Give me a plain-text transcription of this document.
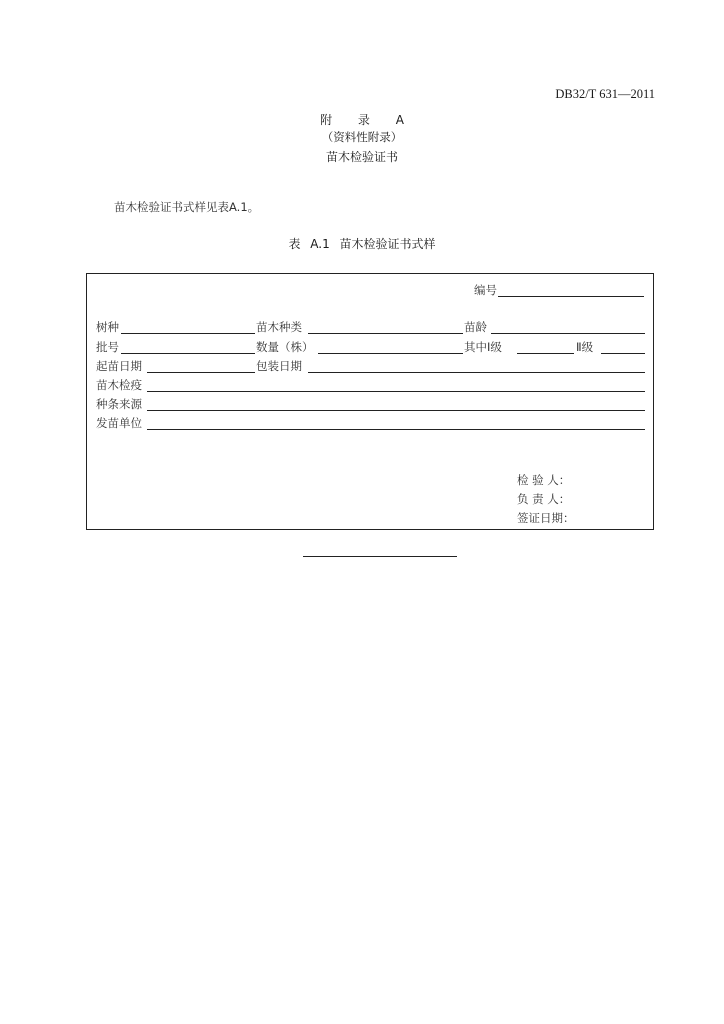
DB32/T 631—2011
附 录 A
（资料性附录）
苗木检验证书
苗木检验证书式样见表A.1。
表 A.1 苗木检验证书式样
编号
树种	苗木种类	苗龄
批号	数量（株）	其中Ⅰ级	Ⅱ级
起苗日期	包装日期
苗木检疫
种条来源
发苗单位
检 验 人：
负 责 人：
签证日期：
